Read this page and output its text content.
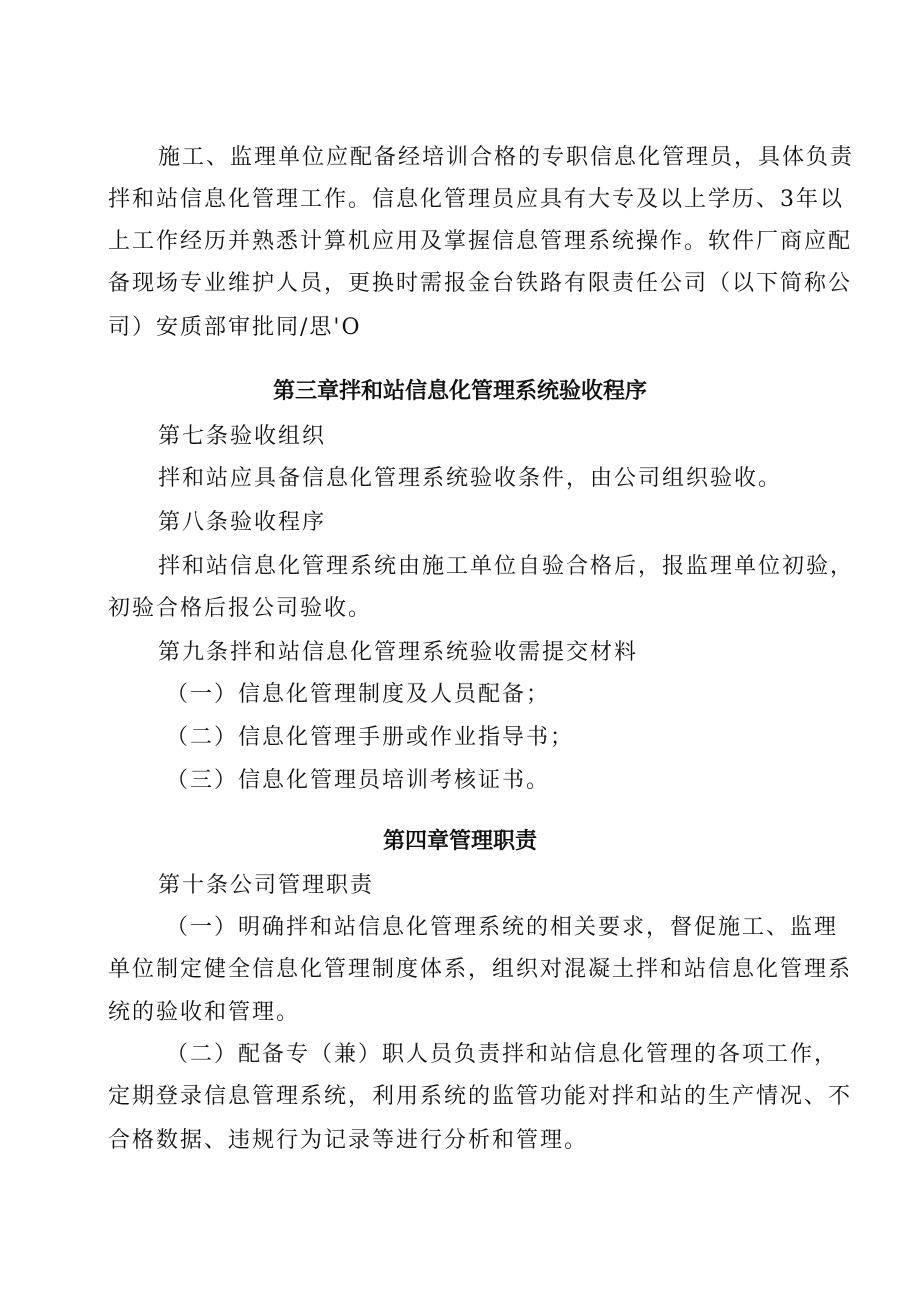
施工、监理单位应配备经培训合格的专职信息化管理员，具体负责
拌和站信息化管理工作。信息化管理员应具有大专及以上学历、3年以
上工作经历并熟悉计算机应用及掌握信息管理系统操作。软件厂商应配
备现场专业维护人员，更换时需报金台铁路有限责任公司（以下简称公
司）安质部审批同/思'O
第三章拌和站信息化管理系统验收程序
第七条验收组织
拌和站应具备信息化管理系统验收条件，由公司组织验收。
第八条验收程序
拌和站信息化管理系统由施工单位自验合格后，报监理单位初验，
初验合格后报公司验收。
第九条拌和站信息化管理系统验收需提交材料
（一）信息化管理制度及人员配备；
（二）信息化管理手册或作业指导书；
（三）信息化管理员培训考核证书。
第四章管理职责
第十条公司管理职责
（一）明确拌和站信息化管理系统的相关要求，督促施工、监理
单位制定健全信息化管理制度体系，组织对混凝土拌和站信息化管理系
统的验收和管理。
（二）配备专（兼）职人员负责拌和站信息化管理的各项工作，
定期登录信息管理系统，利用系统的监管功能对拌和站的生产情况、不
合格数据、违规行为记录等进行分析和管理。
